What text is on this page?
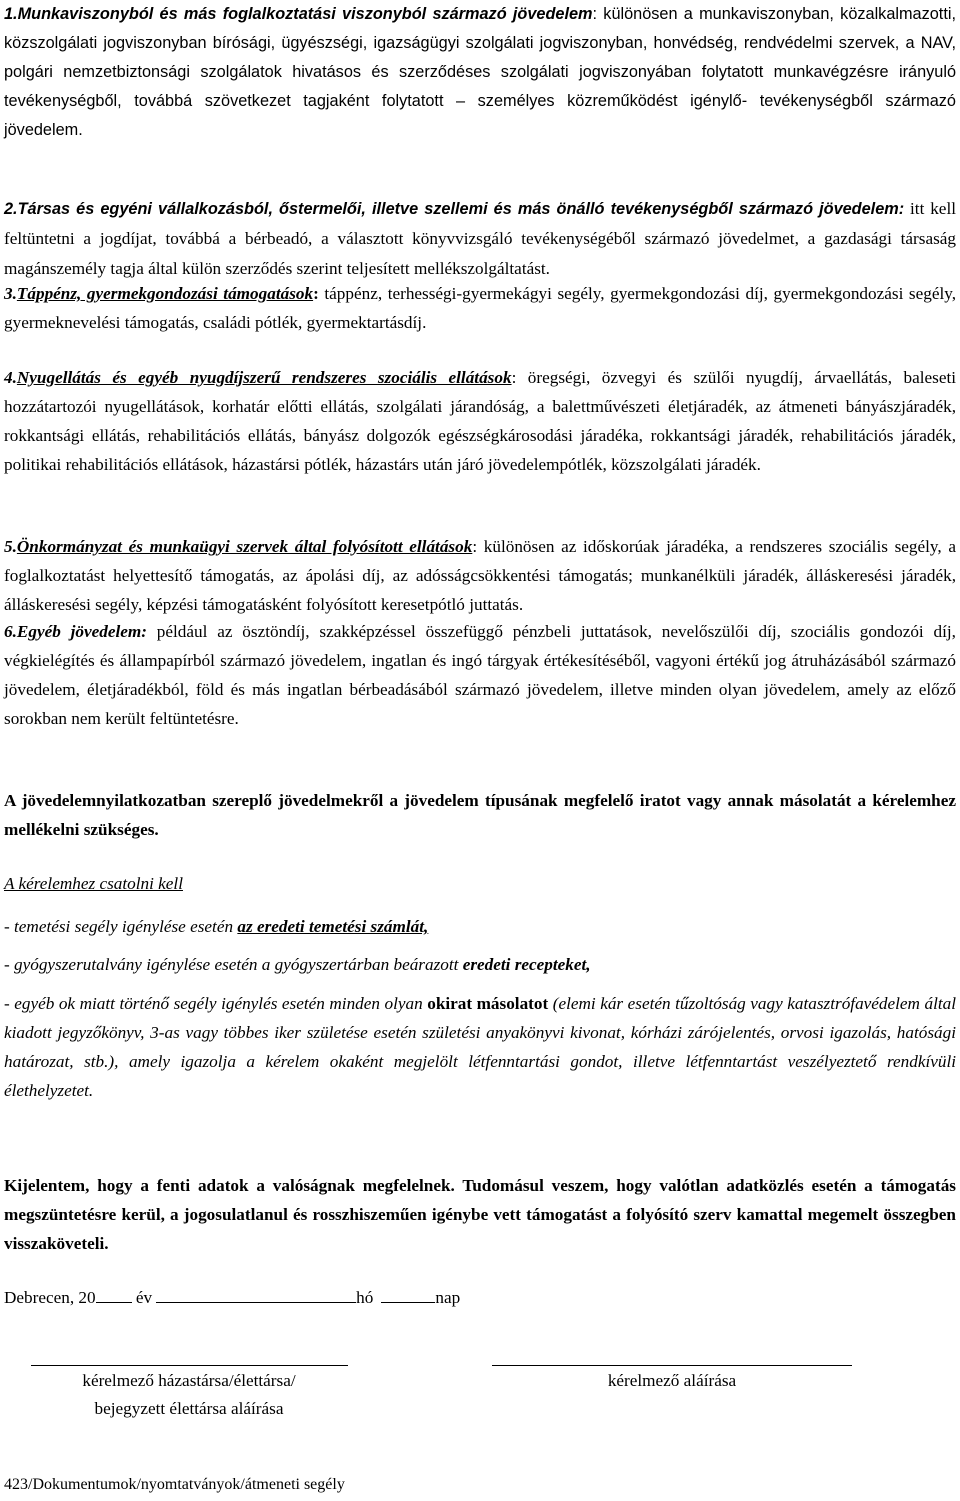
1.Munkaviszonyból és más foglalkoztatási viszonyból származó jövedelem: különösen a munkaviszonyban, közalkalmazotti, közszolgálati jogviszonyban bírósági, ügyészségi, igazságügyi szolgálati jogviszonyban, honvédség, rendvédelmi szervek, a NAV, polgári nemzetbiztonsági szolgálatok hivatásos és szerződéses szolgálati jogviszonyában folytatott munkavégzésre irányuló tevékenységből, továbbá szövetkezet tagjaként folytatott – személyes közreműködést igénylő- tevékenységből származó jövedelem.

2.Társas és egyéni vállalkozásból, őstermelői, illetve szellemi és más önálló tevékenységből származó jövedelem: itt kell feltüntetni a jogdíjat, továbbá a bérbeadó, a választott könyvvizsgáló tevékenységéből származó jövedelmet, a gazdasági társaság magánszemély tagja által külön szerződés szerint teljesített mellékszolgáltatást.

3.Táppénz, gyermekgondozási támogatások: táppénz, terhességi-gyermekágyi segély, gyermekgondozási díj, gyermekgondozási segély, gyermeknevelési támogatás, családi pótlék, gyermektartásdíj.

4.Nyugellátás és egyéb nyugdíjszerű rendszeres szociális ellátások: öregségi, özvegyi és szülői nyugdíj, árvaellátás, baleseti hozzátartozói nyugellátások, korhatár előtti ellátás, szolgálati járandóság, a balettművészeti életjáradék, az átmeneti bányászjáradék, rokkantsági ellátás, rehabilitációs ellátás, bányász dolgozók egészségkárosodási járadéka, rokkantsági járadék, rehabilitációs járadék, politikai rehabilitációs ellátások, házastársi pótlék, házastárs után járó jövedelempótlék, közszolgálati járadék.

5.Önkormányzat és munkaügyi szervek által folyósított ellátások: különösen az időskorúak járadéka, a rendszeres szociális segély, a foglalkoztatást helyettesítő támogatás, az ápolási díj, az adósságcsökkentési támogatás; munkanélküli járadék, álláskeresési járadék, álláskeresési segély, képzési támogatásként folyósított keresetpótló juttatás.

6.Egyéb jövedelem: például az ösztöndíj, szakképzéssel összefüggő pénzbeli juttatások, nevelőszülői díj, szociális gondozói díj, végkielégítés és állampapírból származó jövedelem, ingatlan és ingó tárgyak értékesítéséből, vagyoni értékű jog átruházásából származó jövedelem, életjáradékból, föld és más ingatlan bérbeadásából származó jövedelem, illetve minden olyan jövedelem, amely az előző sorokban nem került feltüntetésre.

A jövedelemnyilatkozatban szereplő jövedelmekről a jövedelem típusának megfelelő iratot vagy annak másolatát a kérelemhez mellékelni szükséges.

A kérelemhez csatolni kell

- temetési segély igénylése esetén az eredeti temetési számlát,

- gyógyszerutalvány igénylése esetén a gyógyszertárban beárazott eredeti recepteket,

- egyéb ok miatt történő segély igénylés esetén minden olyan okirat másolatot (elemi kár esetén tűzoltóság vagy katasztrófavédelem által kiadott jegyzőkönyv, 3-as vagy többes iker születése esetén születési anyakönyvi kivonat, kórházi zárójelentés, orvosi igazolás, hatósági határozat, stb.), amely igazolja a kérelem okaként megjelölt létfenntartási gondot, illetve létfenntartást veszélyeztető rendkívüli élethelyzetet.

Kijelentem, hogy a fenti adatok a valóságnak megfelelnek. Tudomásul veszem, hogy valótlan adatközlés esetén a támogatás megszüntetésre kerül, a jogosulatlanul és rosszhiszeműen igénybe vett támogatást a folyósító szerv kamattal megemelt összegben visszaköveteli.

Debrecen, 20 év	hó	nap
kérelmező házastársa/élettársa/
bejegyzett élettársa aláírása
kérelmező aláírása
423/Dokumentumok/nyomtatványok/átmeneti segély
